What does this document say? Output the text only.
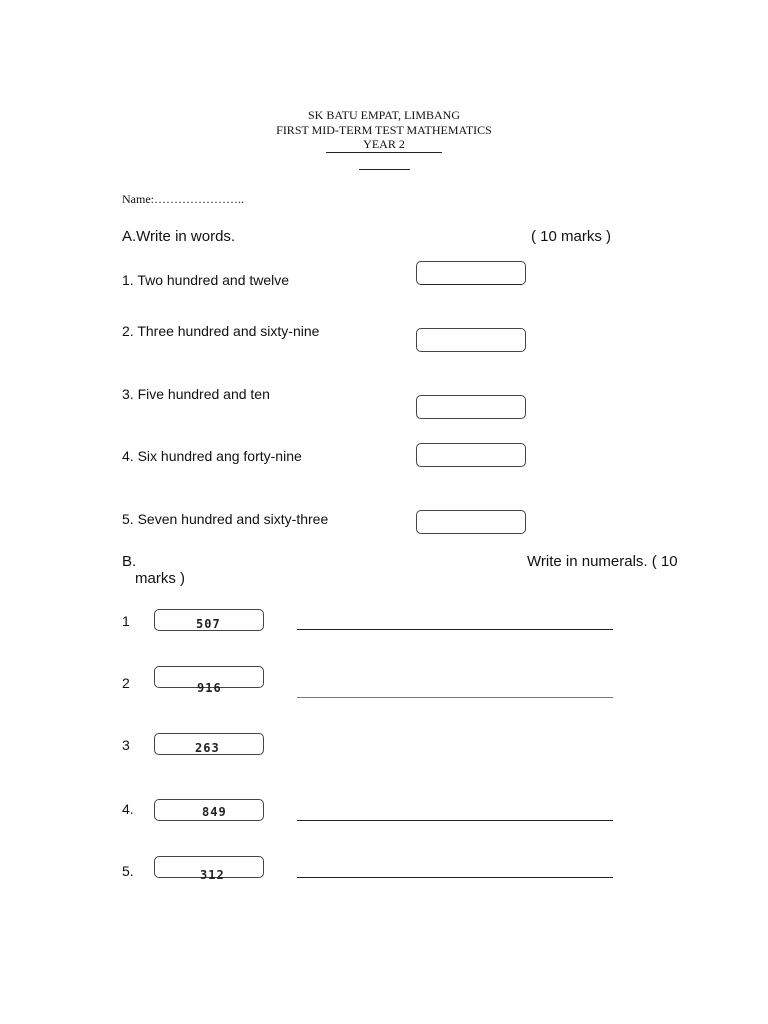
SK BATU EMPAT, LIMBANG
FIRST MID-TERM TEST MATHEMATICS
YEAR 2
Name:…………………..
A.Write in words.	( 10 marks )
1. Two hundred and twelve
2. Three hundred and sixty-nine
3. Five hundred and ten
4. Six hundred ang forty-nine
5. Seven hundred and sixty-three
B.	Write in numerals. ( 10
marks )
1	507
2	916
3	263
4.	849
5.	312
